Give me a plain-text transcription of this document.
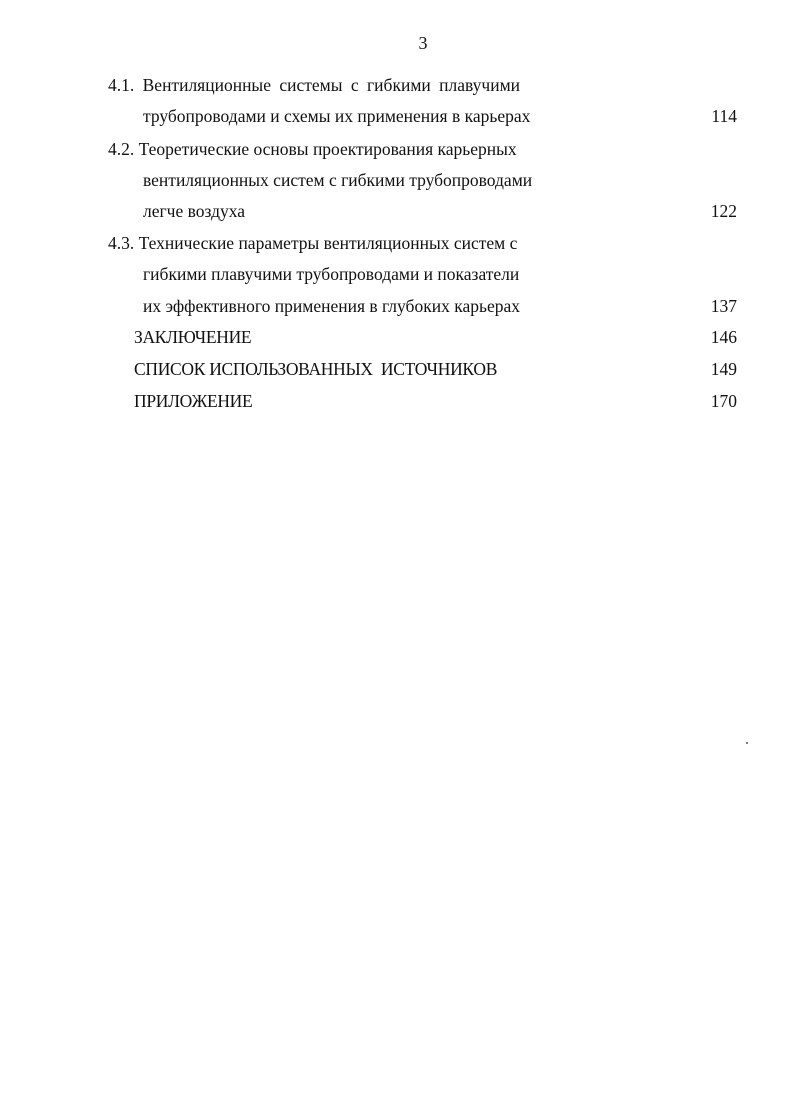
3
4.1. Вентиляционные системы с гибкими плавучими
трубопроводами и схемы их применения в карьерах	114
4.2. Теоретические основы проектирования карьерных
вентиляционных систем с гибкими трубопроводами
легче воздуха	122
4.3. Технические параметры вентиляционных систем с
гибкими плавучими трубопроводами и показатели
их эффективного применения в глубоких карьерах	137
ЗАКЛЮЧЕНИЕ	146
СПИСОК ИСПОЛЬЗОВАННЫХ  ИСТОЧНИКОВ	149
ПРИЛОЖЕНИЕ	170
